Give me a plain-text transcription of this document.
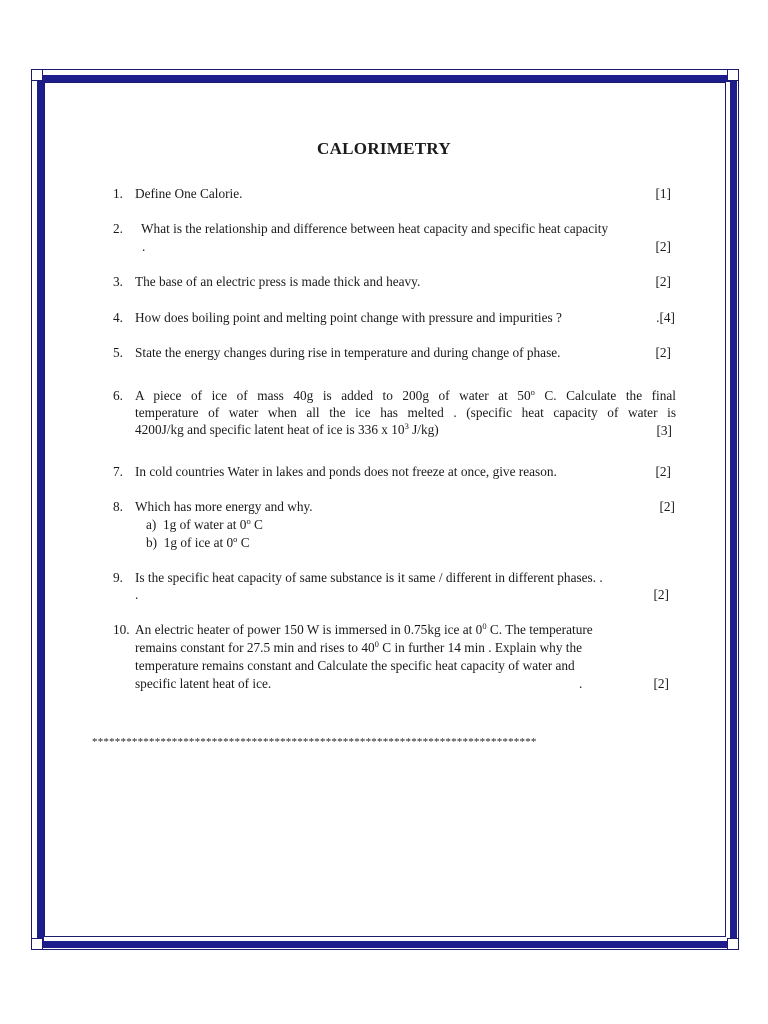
CALORIMETRY
1. Define One Calorie.	[1]
2.	What is the relationship and difference between heat capacity and specific heat capacity
.	[2]
3. The base of an electric press is made thick and heavy.	[2]
4. How does boiling point and melting point change with pressure and impurities ?	.[4]
5. State the energy changes during rise in temperature and during change of phase.	[2]
6. A piece of ice of mass 40g is added to 200g of water at 50$^o$ C. Calculate the final
temperature of water when all the ice has melted . (specific heat capacity of water is
4200J/kg and specific latent heat of ice is 336 x $10^3$ J/kg)	[3]
7. In cold countries Water in lakes and ponds does not freeze at once, give reason.	[2]
8. Which has more energy and why.	[2]
a) 1g of water at 0$^o$ C
b) 1g of ice at 0$^o$ C
9. Is the specific heat capacity of same substance is it same / different in different phases. .
.	[2]
10. An electric heater of power 150 W is immersed in 0.75kg ice at $0^0$ C. The temperature
remains constant for 27.5 min and rises to $40^0$ C in further 14 min . Explain why the
temperature remains constant and Calculate the specific heat capacity of water and
specific latent heat of ice.	.	[2]
******************************************************************************
